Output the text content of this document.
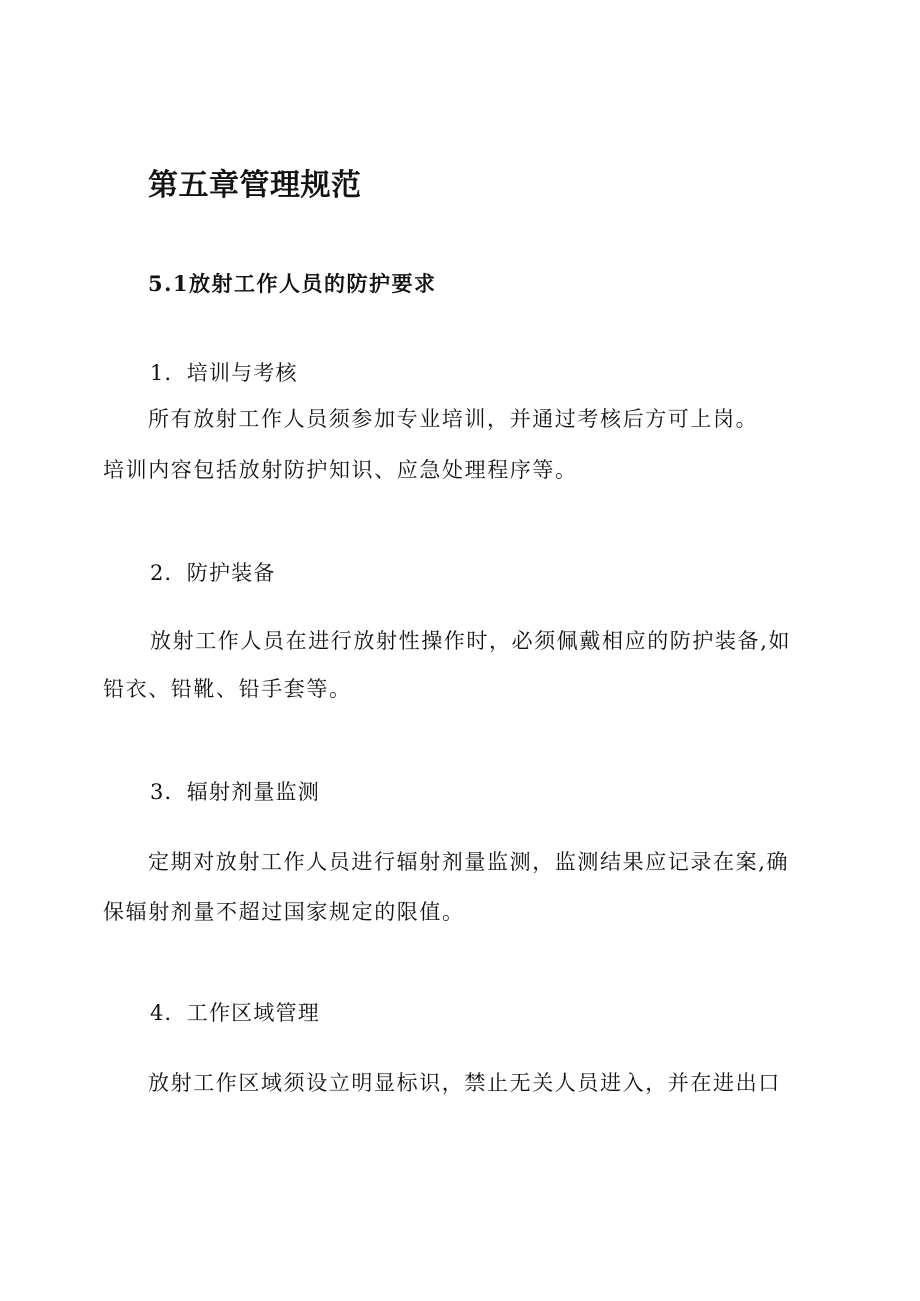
第五章管理规范
5.1放射工作人员的防护要求

1．培训与考核

所有放射工作人员须参加专业培训，并通过考核后方可上岗。

培训内容包括放射防护知识、应急处理程序等。

2．防护装备

放射工作人员在进行放射性操作时，必须佩戴相应的防护装备,如

铅衣、铅靴、铅手套等。

3．辐射剂量监测

定期对放射工作人员进行辐射剂量监测，监测结果应记录在案,确

保辐射剂量不超过国家规定的限值。

4．工作区域管理

放射工作区域须设立明显标识，禁止无关人员进入，并在进出口
